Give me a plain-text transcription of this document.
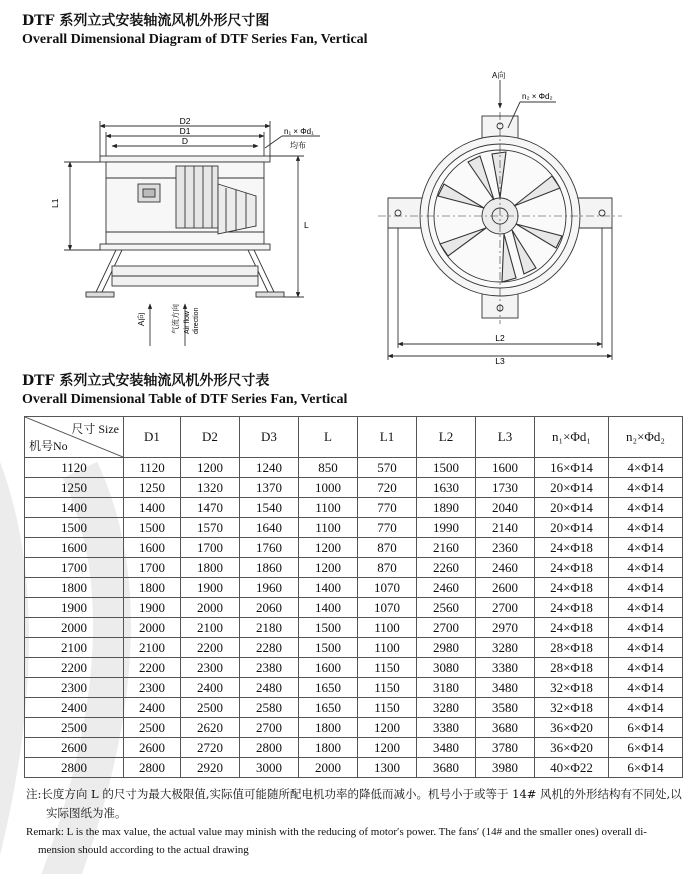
DTF 系列立式安装轴流风机外形尺寸图
Overall Dimensional Diagram of DTF Series Fan, Vertical
D2
D1
D
n₁ × Φd₁
均布
L
L1
A向	气流方向 Air flow direction
A向
n₂ × Φd₂
L2
L3
DTF 系列立式安装轴流风机外形尺寸表
Overall Dimensional Table of DTF Series Fan, Vertical
尺寸 Size
机号No	D1	D2	D3	L	L1	L2	L3	n₁×Φd₁	n₂×Φd₂
1120	1120	1200	1240	850	570	1500	1600	16×Φ14	4×Φ14
1250	1250	1320	1370	1000	720	1630	1730	20×Φ14	4×Φ14
1400	1400	1470	1540	1100	770	1890	2040	20×Φ14	4×Φ14
1500	1500	1570	1640	1100	770	1990	2140	20×Φ14	4×Φ14
1600	1600	1700	1760	1200	870	2160	2360	24×Φ18	4×Φ14
1700	1700	1800	1860	1200	870	2260	2460	24×Φ18	4×Φ14
1800	1800	1900	1960	1400	1070	2460	2600	24×Φ18	4×Φ14
1900	1900	2000	2060	1400	1070	2560	2700	24×Φ18	4×Φ14
2000	2000	2100	2180	1500	1100	2700	2970	24×Φ18	4×Φ14
2100	2100	2200	2280	1500	1100	2980	3280	28×Φ18	4×Φ14
2200	2200	2300	2380	1600	1150	3080	3380	28×Φ18	4×Φ14
2300	2300	2400	2480	1650	1150	3180	3480	32×Φ18	4×Φ14
2400	2400	2500	2580	1650	1150	3280	3580	32×Φ18	4×Φ14
2500	2500	2620	2700	1800	1200	3380	3680	36×Φ20	6×Φ14
2600	2600	2720	2800	1800	1200	3480	3780	36×Φ20	6×Φ14
2800	2800	2920	3000	2000	1300	3680	3980	40×Φ22	6×Φ14
注:长度方向 L 的尺寸为最大极限值,实际值可能随所配电机功率的降低而减小。机号小于或等于 14# 风机的外形结构有不同处,以
实际图纸为准。
Remark: L is the max value, the actual value may minish with the reducing of motor′s power. The fans′ (14# and the smaller ones) overall di-
mension should according to the actual drawing
